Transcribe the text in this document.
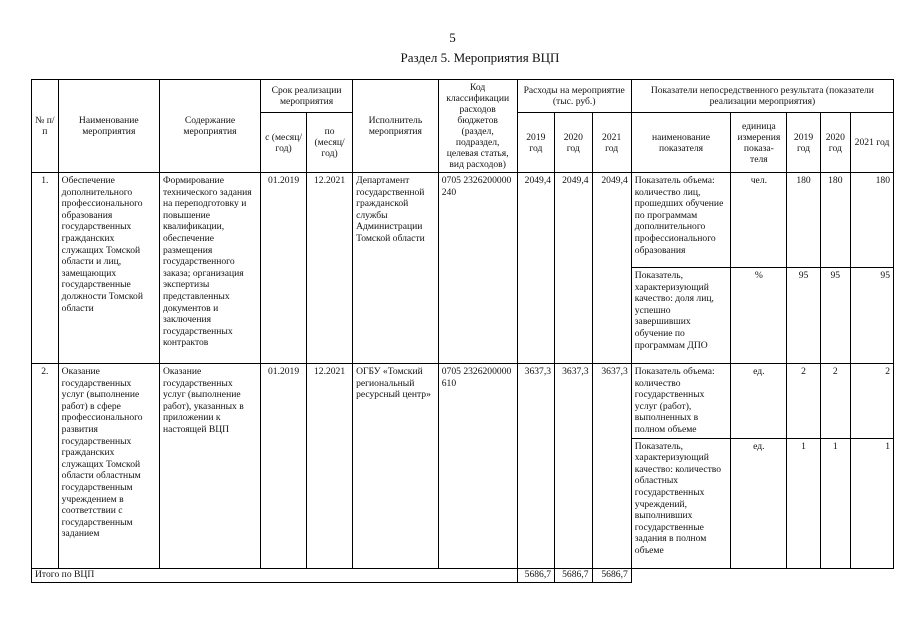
5
Раздел 5. Мероприятия ВЦП
№ п/п	Наименование мероприятия	Содержание мероприятия	Срок реализации мероприятия		Исполнитель мероприятия	Код классификации расходов бюджетов (раздел, подраздел, целевая статья, вид расходов)	Расходы на мероприятие (тыс. руб.)			Показатели непосредственного результата (показатели реализации мероприятия)				
			с (месяц/ год)	по (месяц/ год)			2019 год	2020 год	2021 год	наименование показателя	единица измерения показа- теля	2019 год	2020 год	2021 год
1.	Обеспечение дополнительного профессионального образования государственных гражданских служащих Томской области и лиц, замещающих государственные должности Томской области	Формирование технического задания на переподготовку и повышение квалификации, обеспечение размещения государственного заказа; организация экспертизы представленных документов и заключения государственных контрактов	01.2019	12.2021	Департамент государственной гражданской службы Администрации Томской области	0705 2326200000 240	2049,4	2049,4	2049,4	Показатель объема: количество лиц, прошедших обучение по программам дополнительного профессионального образования	чел.	180	180	180
										Показатель, характеризующий качество: доля лиц, успешно завершивших обучение по программам ДПО	%	95	95	95
2.	Оказание государственных услуг (выполнение работ) в сфере профессионального развития государственных гражданских служащих Томской области областным государственным учреждением в соответствии с государственным заданием	Оказание государственных услуг (выполнение работ), указанных в приложении к настоящей ВЦП	01.2019	12.2021	ОГБУ «Томский региональный ресурсный центр»	0705 2326200000 610	3637,3	3637,3	3637,3	Показатель объема: количество государственных услуг (работ), выполненных в полном объеме	ед.	2	2	2
										Показатель, характеризующий качество: количество областных государственных учреждений, выполнивших государственные задания в полном объеме	ед.	1	1	1
Итого по ВЦП							5686,7	5686,7	5686,7					
